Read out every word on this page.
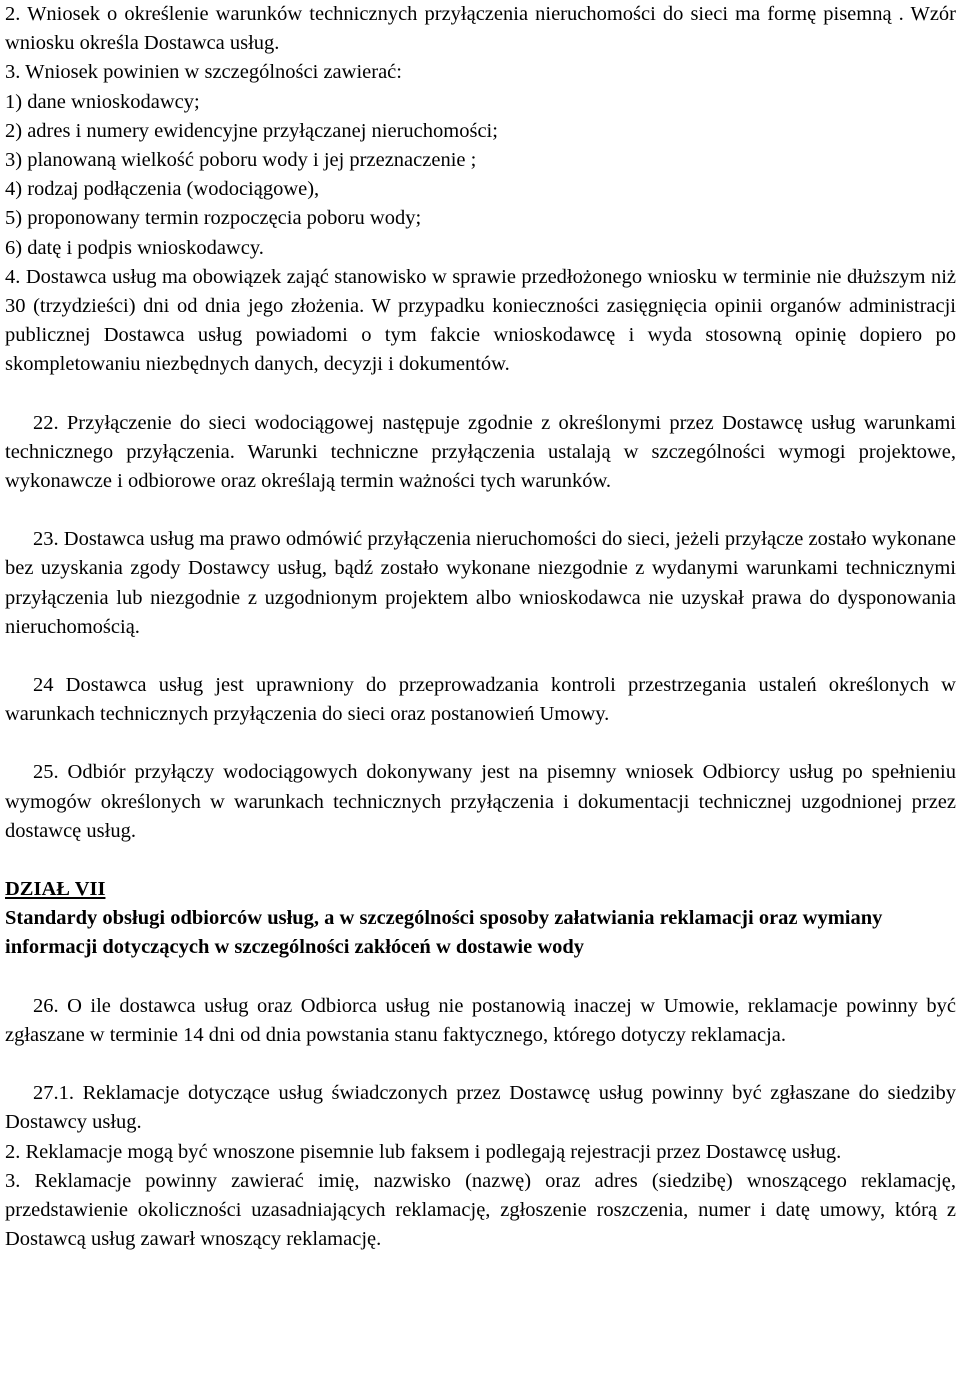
2. Wniosek o określenie warunków technicznych przyłączenia nieruchomości do sieci ma formę pisemną . Wzór wniosku określa Dostawca usług.

3. Wniosek powinien w szczególności zawierać:

1) dane wnioskodawcy;

2) adres i numery ewidencyjne przyłączanej nieruchomości;

3) planowaną wielkość poboru wody i jej przeznaczenie ;

4) rodzaj podłączenia (wodociągowe),

5) proponowany termin rozpoczęcia poboru wody;

6) datę i podpis wnioskodawcy.

4. Dostawca usług ma obowiązek zająć stanowisko w sprawie przedłożonego wniosku w terminie nie dłuższym niż 30 (trzydzieści) dni od dnia jego złożenia. W przypadku konieczności zasięgnięcia opinii organów administracji publicznej Dostawca usług powiadomi o tym fakcie wnioskodawcę i wyda stosowną opinię dopiero po skompletowaniu niezbędnych danych, decyzji i dokumentów.

22. Przyłączenie do sieci wodociągowej następuje zgodnie z określonymi przez Dostawcę usług warunkami technicznego przyłączenia. Warunki techniczne przyłączenia ustalają w szczególności wymogi projektowe, wykonawcze i odbiorowe oraz określają termin ważności tych warunków.

23. Dostawca usług ma prawo odmówić przyłączenia nieruchomości do sieci, jeżeli przyłącze zostało wykonane bez uzyskania zgody Dostawcy usług, bądź zostało wykonane niezgodnie z wydanymi warunkami technicznymi przyłączenia lub niezgodnie z uzgodnionym projektem albo wnioskodawca nie uzyskał prawa do dysponowania nieruchomością.

24 Dostawca usług jest uprawniony do przeprowadzania kontroli przestrzegania ustaleń określonych w warunkach technicznych przyłączenia do sieci oraz postanowień Umowy.

25. Odbiór przyłączy wodociągowych dokonywany jest na pisemny wniosek Odbiorcy usług po spełnieniu wymogów określonych w warunkach technicznych przyłączenia i dokumentacji technicznej uzgodnionej przez dostawcę usług.

DZIAŁ VII

Standardy obsługi odbiorców usług, a w szczególności sposoby załatwiania reklamacji oraz wymiany informacji dotyczących w szczególności zakłóceń w dostawie wody

26. O ile dostawca usług oraz Odbiorca usług nie postanowią inaczej w Umowie, reklamacje powinny być zgłaszane w terminie 14 dni od dnia powstania stanu faktycznego, którego dotyczy reklamacja.

27.1. Reklamacje dotyczące usług świadczonych przez Dostawcę usług powinny być zgłaszane do siedziby Dostawcy usług.

2. Reklamacje mogą być wnoszone pisemnie lub faksem i podlegają rejestracji przez Dostawcę usług.

3. Reklamacje powinny zawierać imię, nazwisko (nazwę) oraz adres (siedzibę) wnoszącego reklamację, przedstawienie okoliczności uzasadniających reklamację, zgłoszenie roszczenia, numer i datę umowy, którą z Dostawcą usług zawarł wnoszący reklamację.
